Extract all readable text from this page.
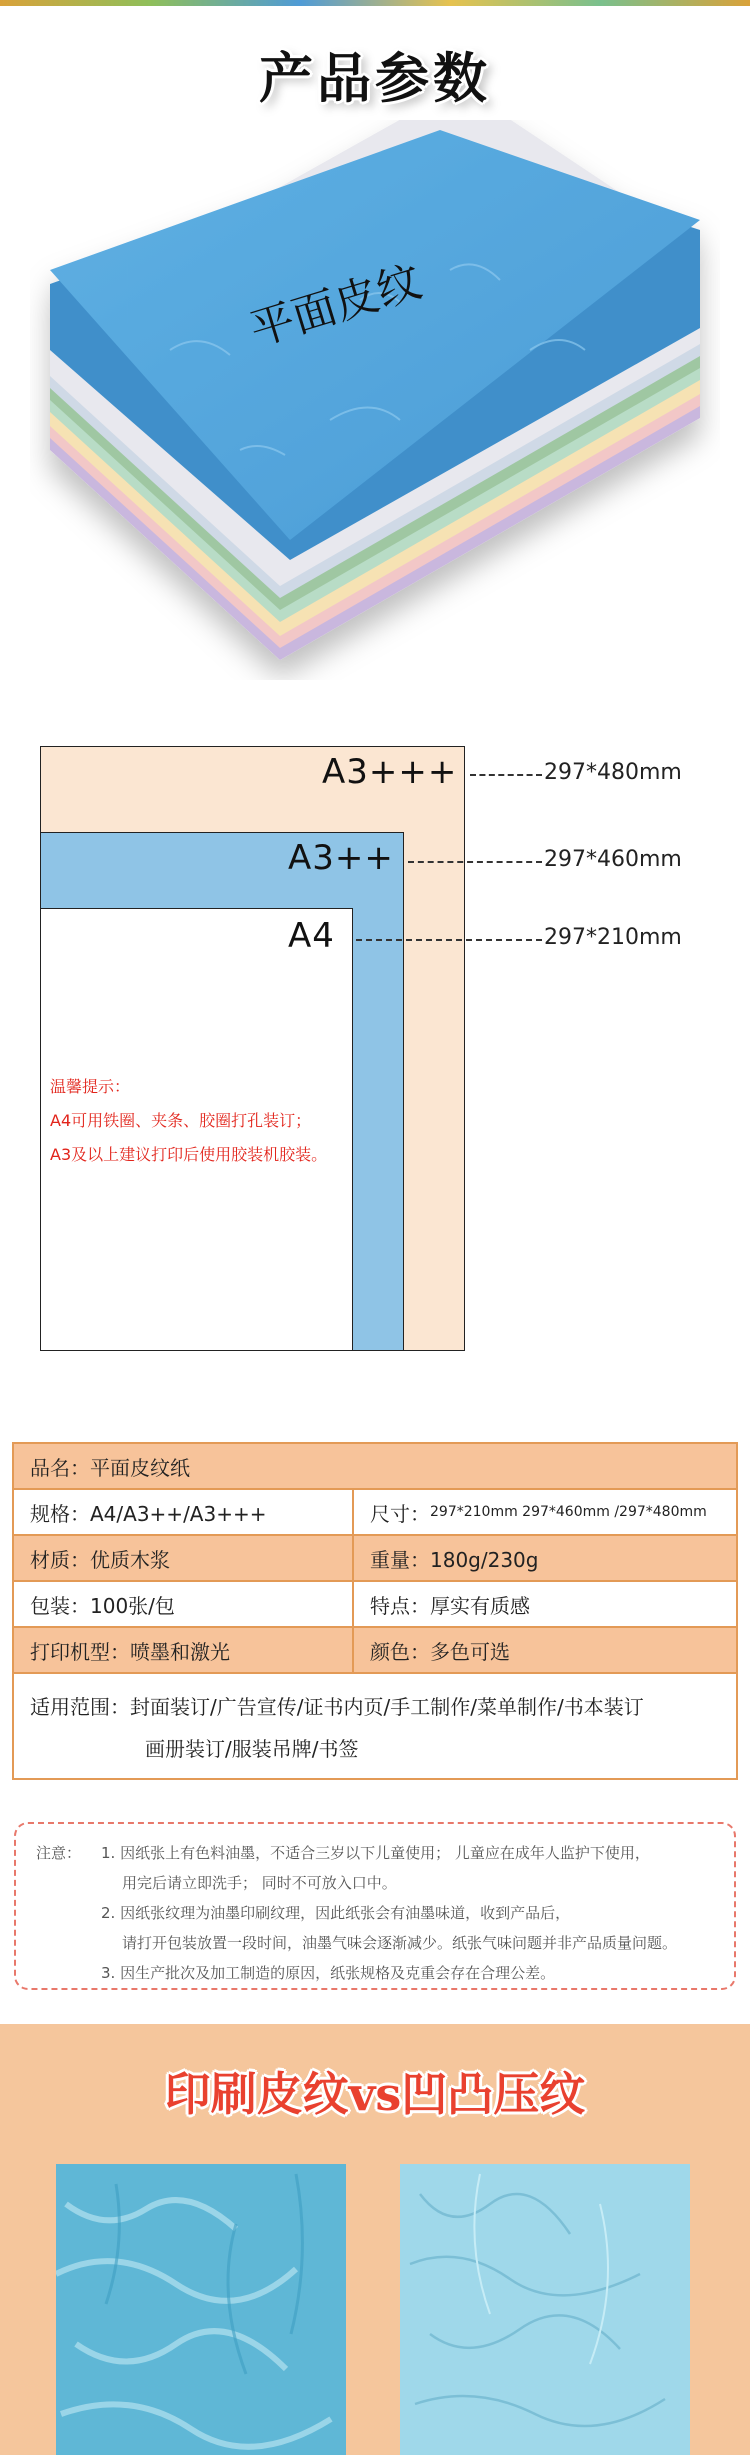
产品参数
平面皮纹
A3+++	297*480mm
A3++	297*460mm
A4	297*210mm
温馨提示：
A4可用铁圈、夹条、胶圈打孔装订；
A3及以上建议打印后使用胶装机胶装。
品名：平面皮纹纸
规格：A4/A3++/A3+++	尺寸： 297*210mm 297*460mm /297*480mm
材质：优质木浆	重量：180g/230g
包装：100张/包	特点：厚实有质感
打印机型：喷墨和激光	颜色：多色可选
适用范围：封面装订/广告宣传/证书内页/手工制作/菜单制作/书本装订
画册装订/服装吊牌/书签
注意：	1. 因纸张上有色料油墨，不适合三岁以下儿童使用； 儿童应在成年人监护下使用，
用完后请立即洗手； 同时不可放入口中。
2. 因纸张纹理为油墨印刷纹理，因此纸张会有油墨味道，收到产品后，
请打开包装放置一段时间，油墨气味会逐渐减少。纸张气味问题并非产品质量问题。
3. 因生产批次及加工制造的原因，纸张规格及克重会存在合理公差。
印刷皮纹vs凹凸压纹
